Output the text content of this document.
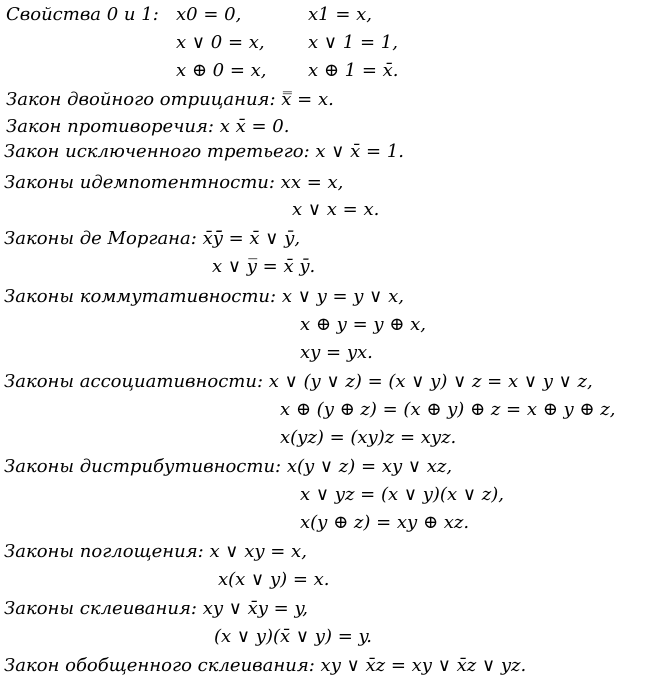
Свойства 0 и 1: x0 = 0,	x1 = x,
x ∨ 0 = x, x ∨ 1 = 1,
x ⊕ 0 = x, x ⊕ 1 = x̄.
Закон двойного отрицания: x̿ = x.
Закон противоречия: x x̄ = 0.
Закон исключенного третьего: x ∨ x̄ = 1.
Законы идемпотентности: xx = x,
x ∨ x = x.
Законы де Моргана: x̄ȳ̄ = x̄ ∨ ȳ,
x ∨ y̅ = x̄ ȳ.
Законы коммутативности: x ∨ y = y ∨ x,
x ⊕ y = y ⊕ x,
xy = yx.
Законы ассоциативности: x ∨ (y ∨ z) = (x ∨ y) ∨ z = x ∨ y ∨ z,
x ⊕ (y ⊕ z) = (x ⊕ y) ⊕ z = x ⊕ y ⊕ z,
x(yz) = (xy)z = xyz.
Законы дистрибутивности: x(y ∨ z) = xy ∨ xz,
x ∨ yz = (x ∨ y)(x ∨ z),
x(y ⊕ z) = xy ⊕ xz.
Законы поглощения: x ∨ xy = x,
x(x ∨ y) = x.
Законы склеивания: xy ∨ x̄y = y,
(x ∨ y)(x̄ ∨ y) = y.
Закон обобщенного склеивания: xy ∨ x̄z = xy ∨ x̄z ∨ yz.
